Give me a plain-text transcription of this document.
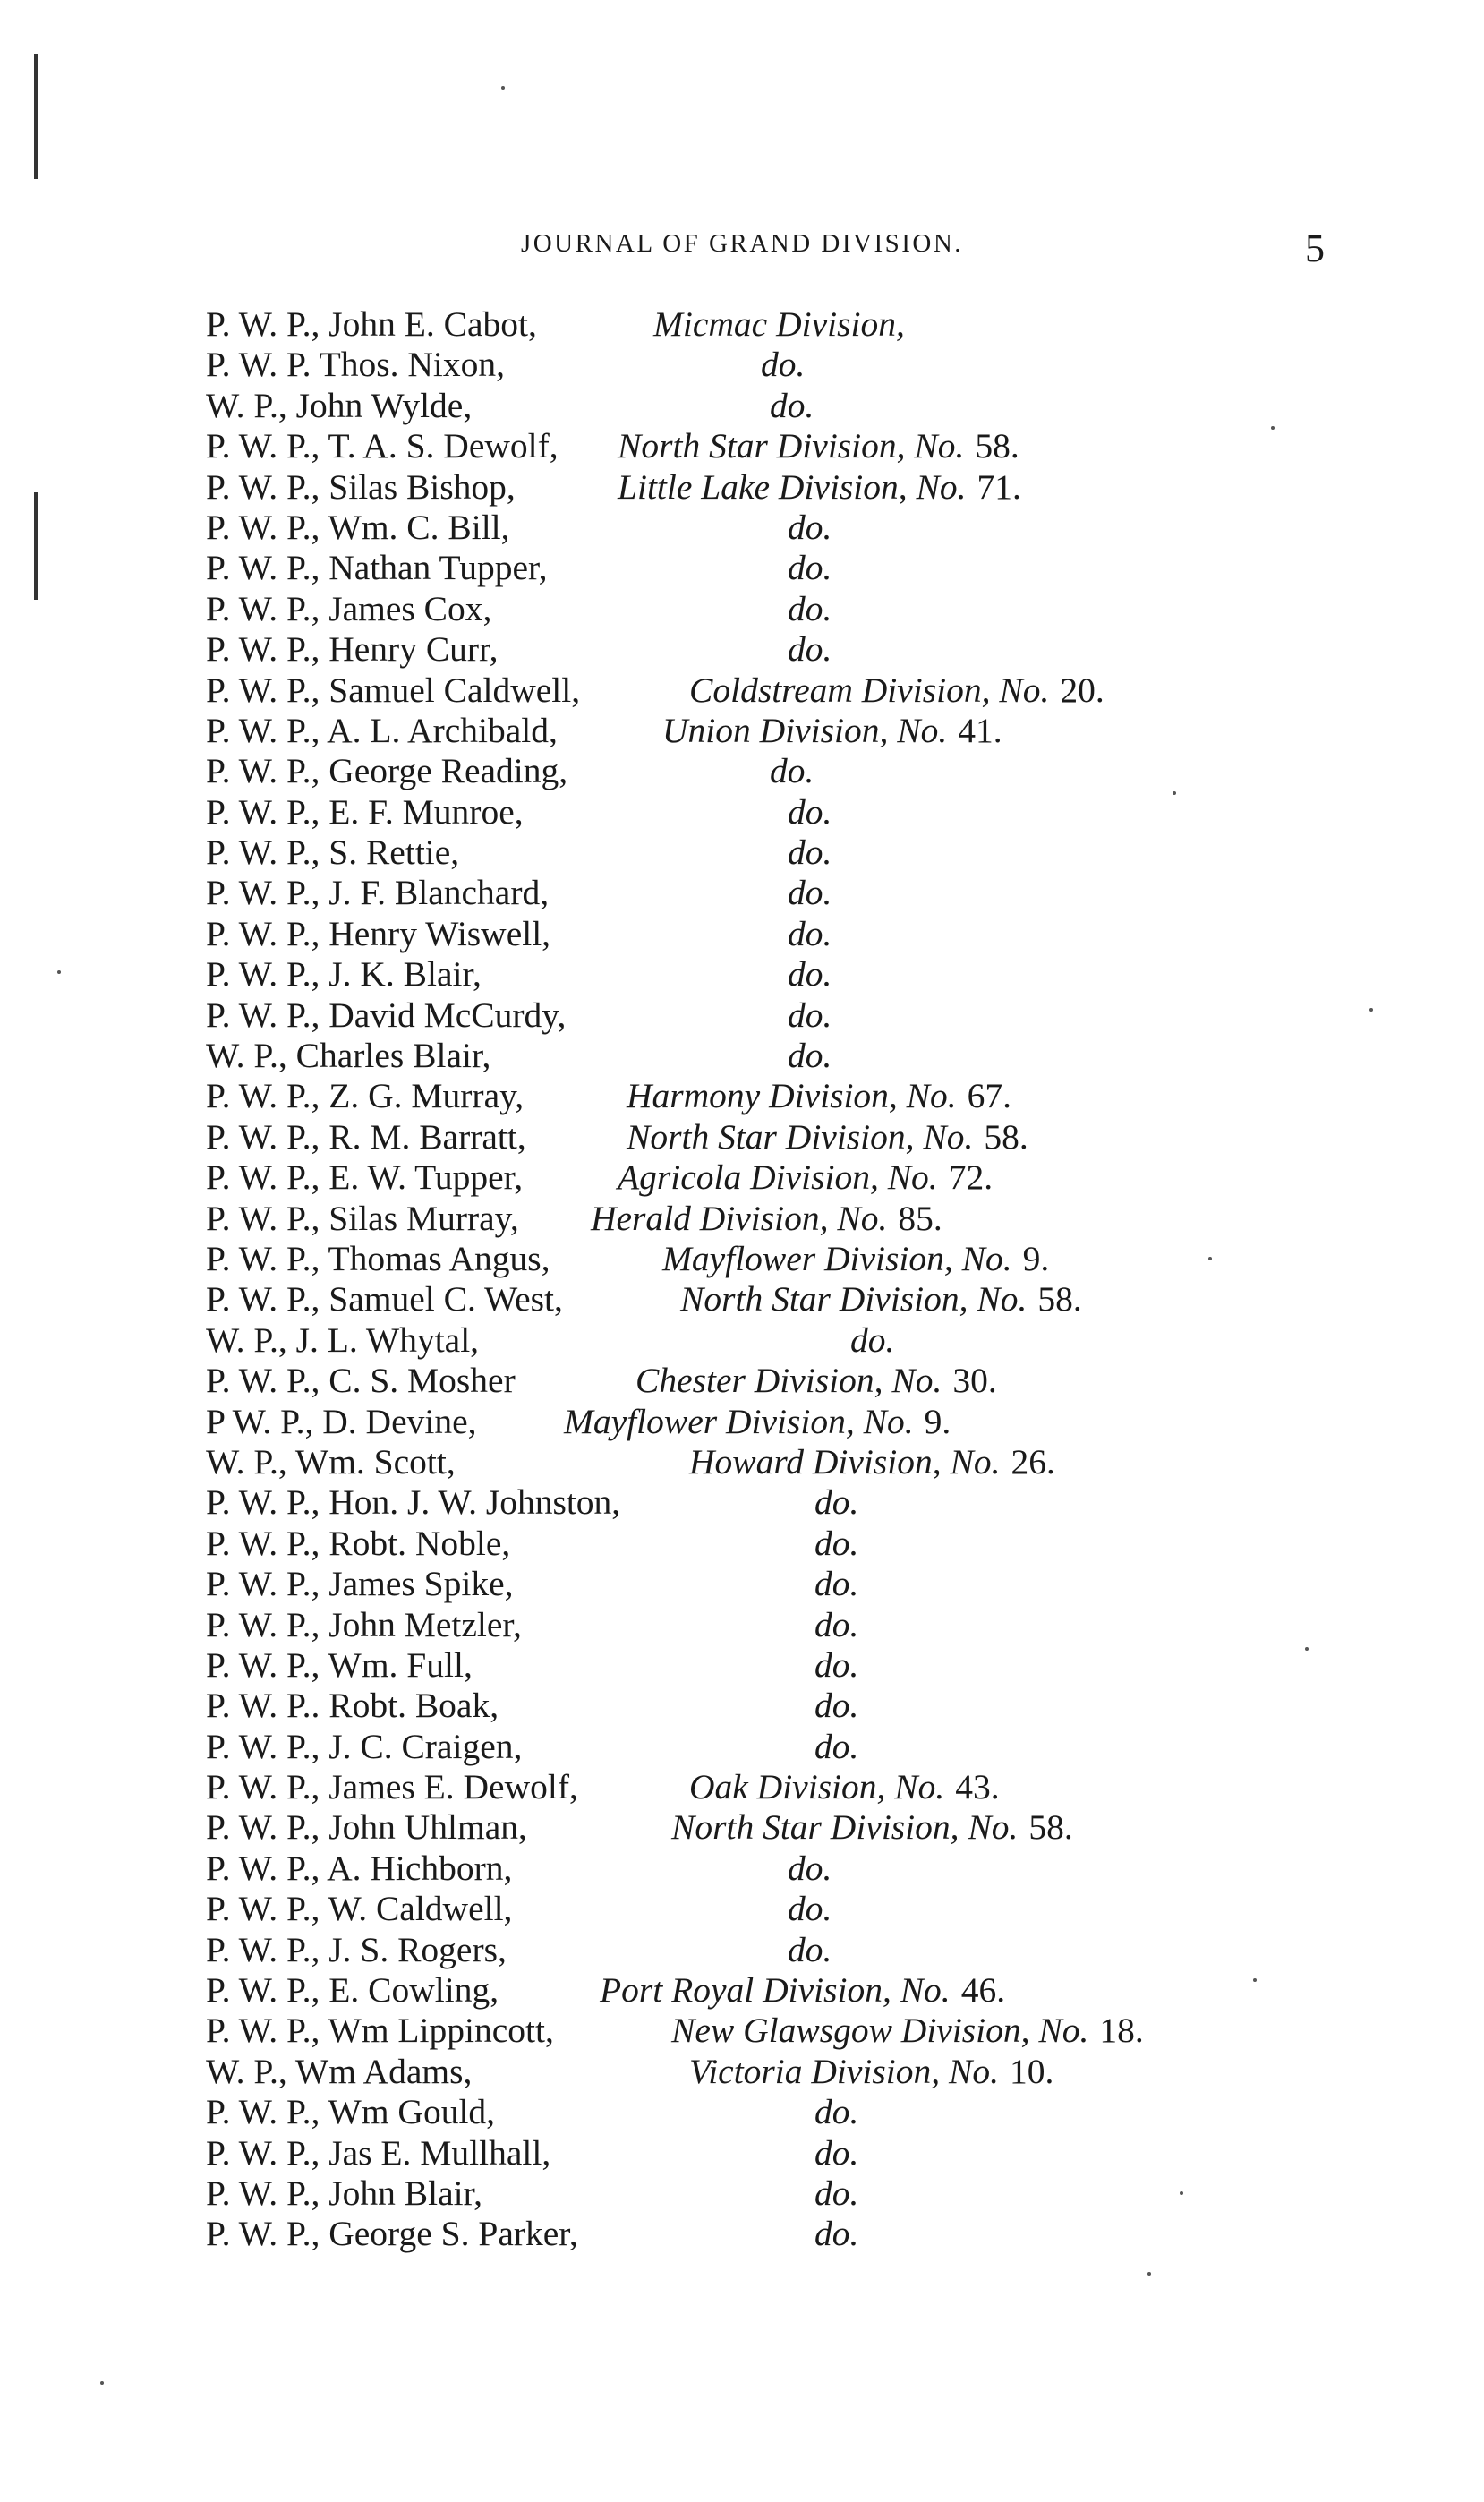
JOURNAL OF GRAND DIVISION.	5
P. W. P., John E. Cabot,	Micmac Division,
P. W. P. Thos. Nixon,	do.
W. P., John Wylde,	do.
P. W. P., T. A. S. Dewolf, North Star Division, No. 58.
P. W. P., Silas Bishop,	Little Lake Division, No. 71.
P. W. P., Wm. C. Bill,	do.
P. W. P., Nathan Tupper,	do.
P. W. P., James Cox,	do.
P. W. P., Henry Curr,	do.
P. W. P., Samuel Caldwell,	Coldstream Division, No. 20.
P. W. P., A. L. Archibald,	Union Division, No. 41.
P. W. P., George Reading,	do.
P. W. P., E. F. Munroe,	do.
P. W. P., S. Rettie,	do.
P. W. P., J. F. Blanchard,	do.
P. W. P., Henry Wiswell,	do.
P. W. P., J. K. Blair,	do.
P. W. P., David McCurdy,	do.
W. P., Charles Blair,	do.
P. W. P., Z. G. Murray,	Harmony Division, No. 67.
P. W. P., R. M. Barratt,	North Star Division, No. 58.
P. W. P., E. W. Tupper,	Agricola Division, No. 72.
P. W. P., Silas Murray, Herald Division, No. 85.
P. W. P., Thomas Angus,	Mayflower Division, No. 9.
P. W. P., Samuel C. West,	North Star Division, No. 58.
W. P., J. L. Whytal,	do.
P. W. P., C. S. Mosher	Chester Division, No. 30.
P W. P., D. Devine, Mayflower Division, No. 9.
W. P., Wm. Scott,	Howard Division, No. 26.
P. W. P., Hon. J. W. Johnston,	do.
P. W. P., Robt. Noble,	do.
P. W. P., James Spike,	do.
P. W. P., John Metzler,	do.
P. W. P., Wm. Full,	do.
P. W. P.. Robt. Boak,	do.
P. W. P., J. C. Craigen,	do.
P. W. P., James E. Dewolf,	Oak Division, No. 43.
P. W. P., John Uhlman,	North Star Division, No. 58.
P. W. P., A. Hichborn,	do.
P. W. P., W. Caldwell,	do.
P. W. P., J. S. Rogers,	do.
P. W. P., E. Cowling,	Port Royal Division, No. 46.
P. W. P., Wm Lippincott,	New Glawsgow Division, No. 18.
W. P., Wm Adams,	Victoria Division, No. 10.
P. W. P., Wm Gould,	do.
P. W. P., Jas E. Mullhall,	do.
P. W. P., John Blair,	do.
P. W. P., George S. Parker,	do.
